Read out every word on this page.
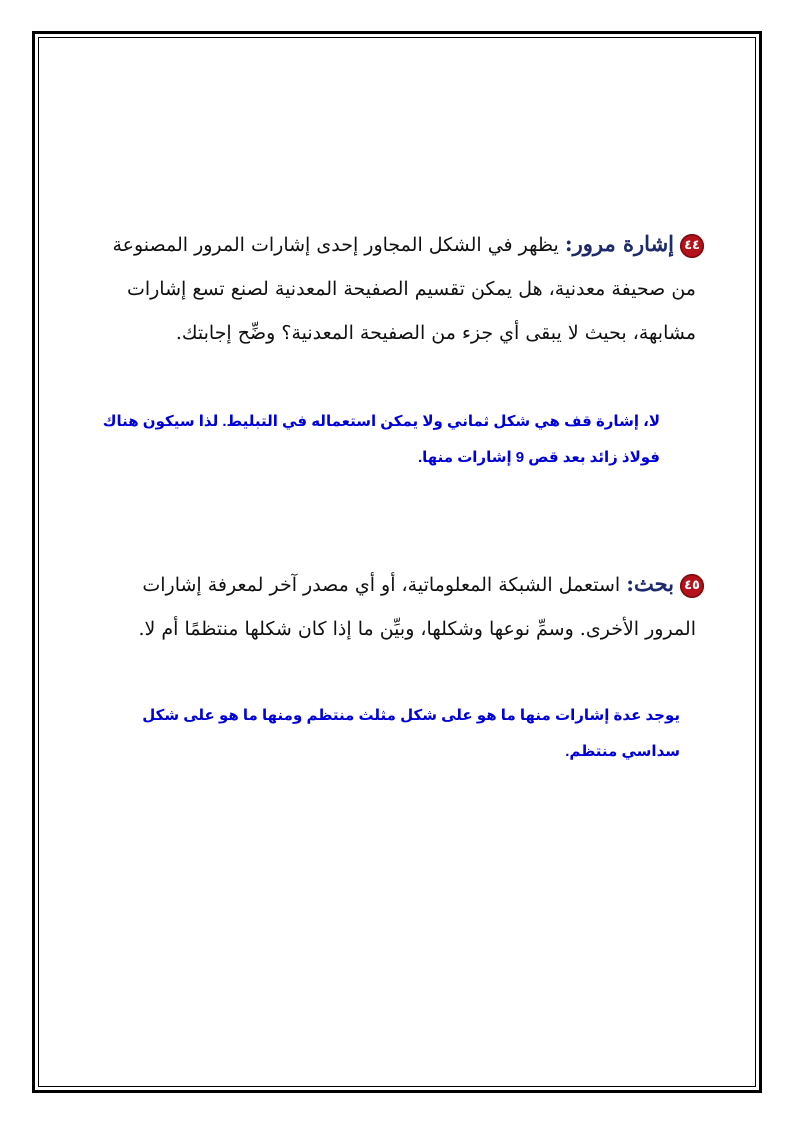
٤٤إشارة مرور: يظهر في الشكل المجاور إحدى إشارات المرور المصنوعة
من صحيفة معدنية، هل يمكن تقسيم الصفيحة المعدنية لصنع تسع إشارات
مشابهة، بحيث لا يبقى أي جزء من الصفيحة المعدنية؟ وضِّح إجابتك.
لا، إشارة قف هي شكل ثماني ولا يمكن استعماله في التبليط. لذا سيكون هناك
فولاذ زائد بعد قص 9 إشارات منها.
٤٥بحث: استعمل الشبكة المعلوماتية، أو أي مصدر آخر لمعرفة إشارات
المرور الأخرى. وسمِّ نوعها وشكلها، وبيِّن ما إذا كان شكلها منتظمًا أم لا.
يوجد عدة إشارات منها ما هو على شكل مثلث منتظم ومنها ما هو على شكل
سداسي منتظم.
